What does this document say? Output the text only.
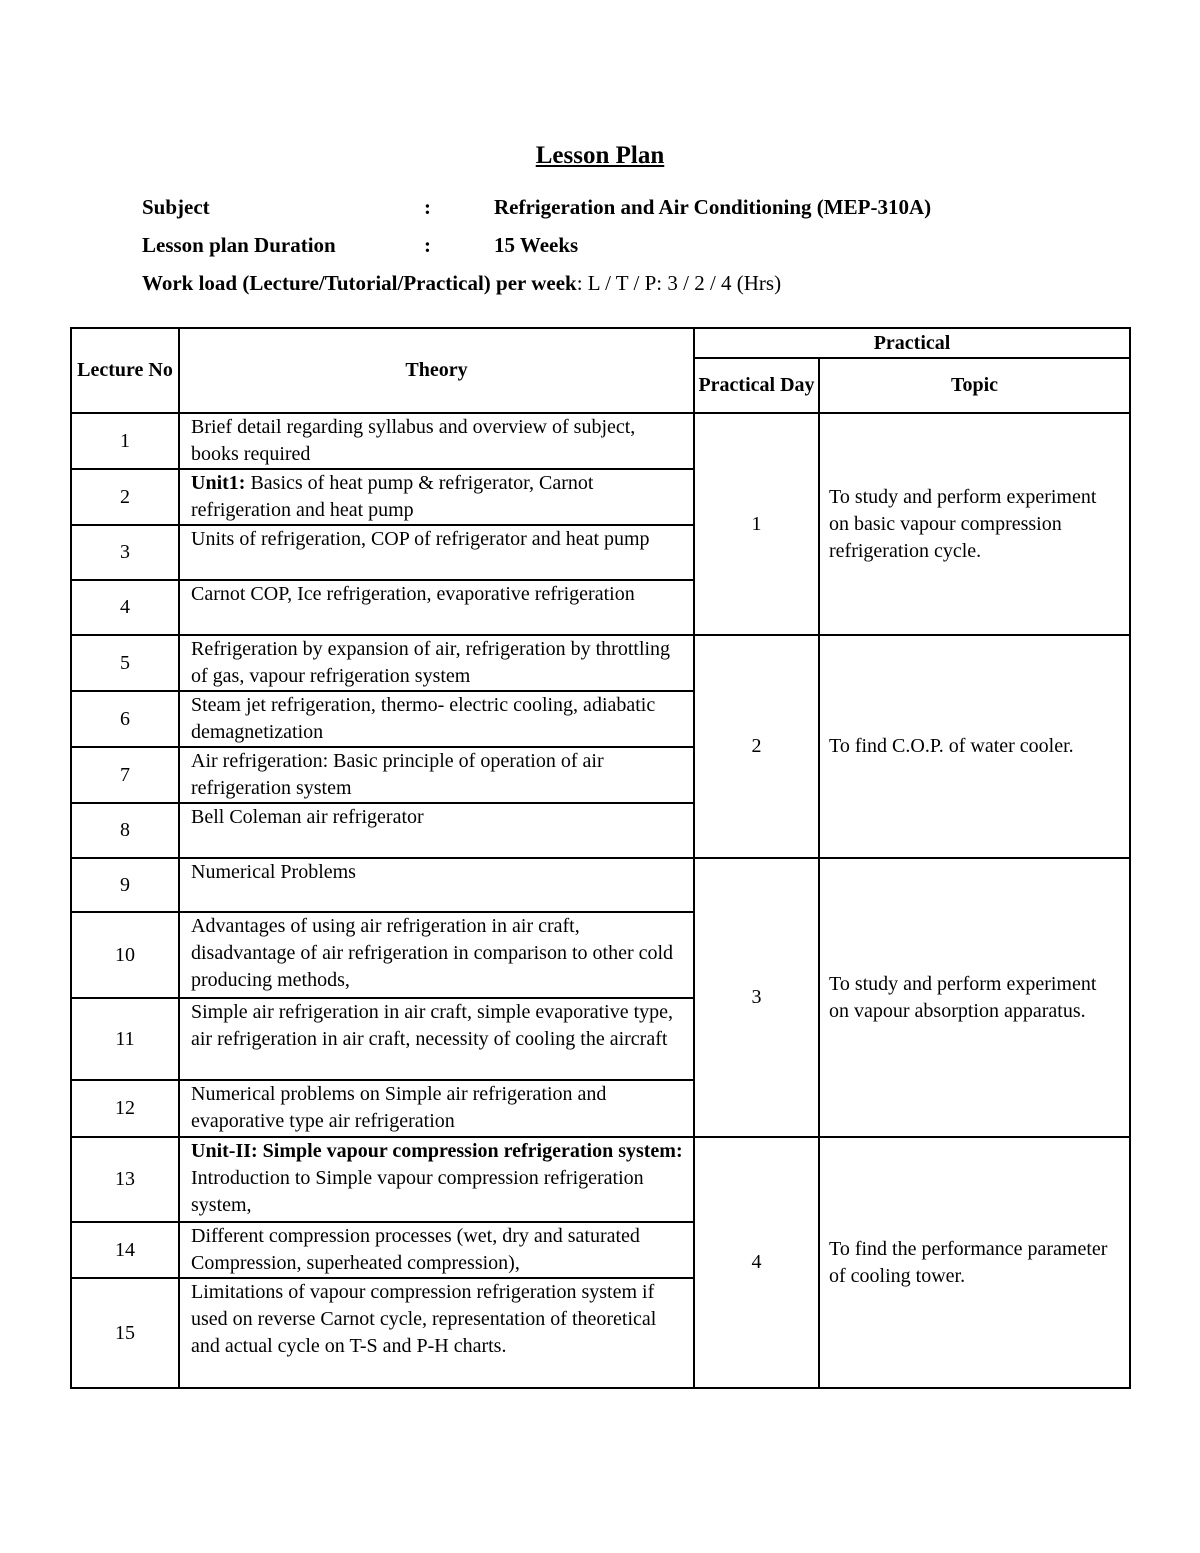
Lesson Plan
Subject	:	Refrigeration and Air Conditioning (MEP-310A)
Lesson plan Duration	:	15 Weeks
Work load (Lecture/Tutorial/Practical) per week: L / T / P: 3 / 2 / 4 (Hrs)
Lecture No	Theory	Practical	
		Practical Day	Topic
1	Brief detail regarding syllabus and overview of subject, books required	1	To study and perform experiment on basic vapour compression refrigeration cycle.
2	Unit1: Basics of heat pump & refrigerator, Carnot refrigeration and heat pump		
3	Units of refrigeration, COP of refrigerator and heat pump		
4	Carnot COP, Ice refrigeration, evaporative refrigeration		
5	Refrigeration by expansion of air, refrigeration by throttling of gas, vapour refrigeration system	2	To find C.O.P. of water cooler.
6	Steam jet refrigeration, thermo- electric cooling, adiabatic demagnetization		
7	Air refrigeration: Basic principle of operation of air refrigeration system		
8	Bell Coleman air refrigerator		
9	Numerical Problems	3	To study and perform experiment on vapour absorption apparatus.
10	Advantages of using air refrigeration in air craft, disadvantage of air refrigeration in comparison to other cold producing methods,		
11	Simple air refrigeration in air craft, simple evaporative type, air refrigeration in air craft, necessity of cooling the aircraft		
12	Numerical problems on Simple air refrigeration and evaporative type air refrigeration		
13	Unit-II: Simple vapour compression refrigeration system: Introduction to Simple vapour compression refrigeration system,	4	To find the performance parameter of cooling tower.
14	Different compression processes (wet, dry and saturated Compression, superheated compression),		
15	Limitations of vapour compression refrigeration system if used on reverse Carnot cycle, representation of theoretical and actual cycle on T-S and P-H charts.		
